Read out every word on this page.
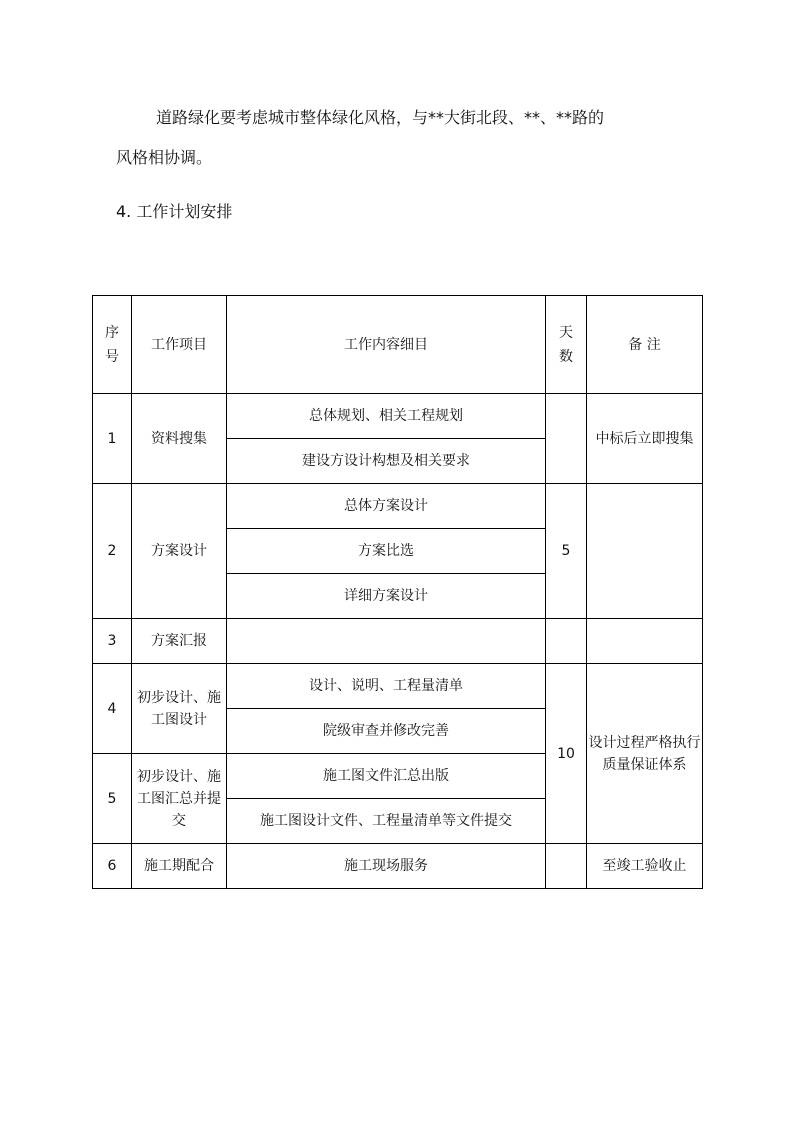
道路绿化要考虑城市整体绿化风格，与**大街北段、**、**路的
风格相协调。

4. 工作计划安排

序号	工作项目	工作内容细目	天数	备 注
1	资料搜集	总体规划、相关工程规划		中标后立即搜集
		建设方设计构想及相关要求		
2	方案设计	总体方案设计	5	
		方案比选		
		详细方案设计		
3	方案汇报			
4	初步设计、施工图设计	设计、说明、工程量清单	10	设计过程严格执行质量保证体系
		院级审查并修改完善		
5	初步设计、施工图汇总并提交	施工图文件汇总出版		
		施工图设计文件、工程量清单等文件提交		
6	施工期配合	施工现场服务		至竣工验收止
